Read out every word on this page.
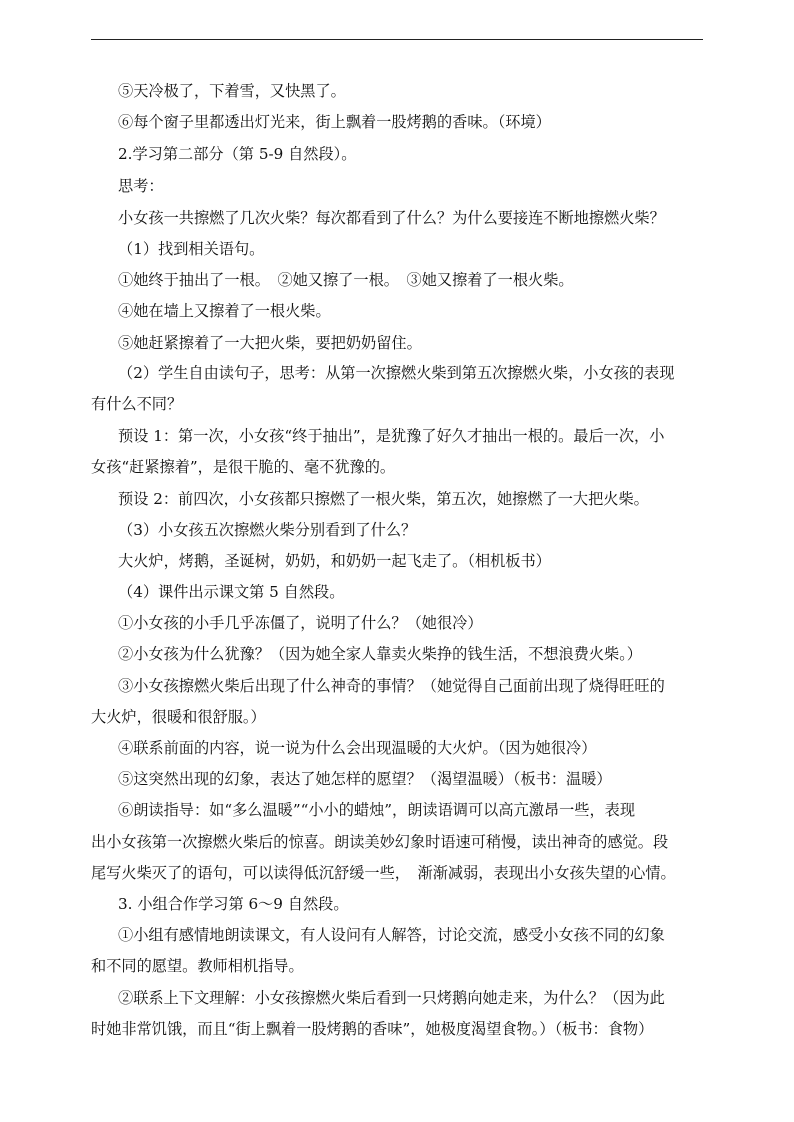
⑤天冷极了，下着雪，又快黑了。
⑥每个窗子里都透出灯光来，街上飘着一股烤鹅的香味。（环境）
2.学习第二部分（第 5-9 自然段）。
思考：
小女孩一共擦燃了几次火柴？每次都看到了什么？为什么要接连不断地擦燃火柴？
（1）找到相关语句。
①她终于抽出了一根。　②她又擦了一根。　③她又擦着了一根火柴。
④她在墙上又擦着了一根火柴。
⑤她赶紧擦着了一大把火柴，要把奶奶留住。
（2）学生自由读句子，思考：从第一次擦燃火柴到第五次擦燃火柴，小女孩的表现
有什么不同？
预设 1：第一次，小女孩“终于抽出”，是犹豫了好久才抽出一根的。最后一次，小
女孩“赶紧擦着”，是很干脆的、毫不犹豫的。
预设 2：前四次，小女孩都只擦燃了一根火柴，第五次，她擦燃了一大把火柴。
（3）小女孩五次擦燃火柴分别看到了什么？
大火炉，烤鹅，圣诞树，奶奶，和奶奶一起飞走了。（相机板书）
（4）课件出示课文第 5 自然段。
①小女孩的小手几乎冻僵了，说明了什么？（她很冷）
②小女孩为什么犹豫？（因为她全家人靠卖火柴挣的钱生活，不想浪费火柴。）
③小女孩擦燃火柴后出现了什么神奇的事情？（她觉得自己面前出现了烧得旺旺的
大火炉，很暖和很舒服。）
④联系前面的内容，说一说为什么会出现温暖的大火炉。（因为她很冷）
⑤这突然出现的幻象，表达了她怎样的愿望？（渴望温暖）（板书：温暖）
⑥朗读指导：如“多么温暖”“小小的蜡烛”，朗读语调可以高亢激昂一些，表现
出小女孩第一次擦燃火柴后的惊喜。朗读美妙幻象时语速可稍慢，读出神奇的感觉。段
尾写火柴灭了的语句，可以读得低沉舒缓一些，　渐渐减弱，表现出小女孩失望的心情。
3. 小组合作学习第 6～9 自然段。
①小组有感情地朗读课文，有人设问有人解答，讨论交流，感受小女孩不同的幻象
和不同的愿望。教师相机指导。
②联系上下文理解：小女孩擦燃火柴后看到一只烤鹅向她走来，为什么？（因为此
时她非常饥饿，而且“街上飘着一股烤鹅的香味”，她极度渴望食物。）（板书：食物）
